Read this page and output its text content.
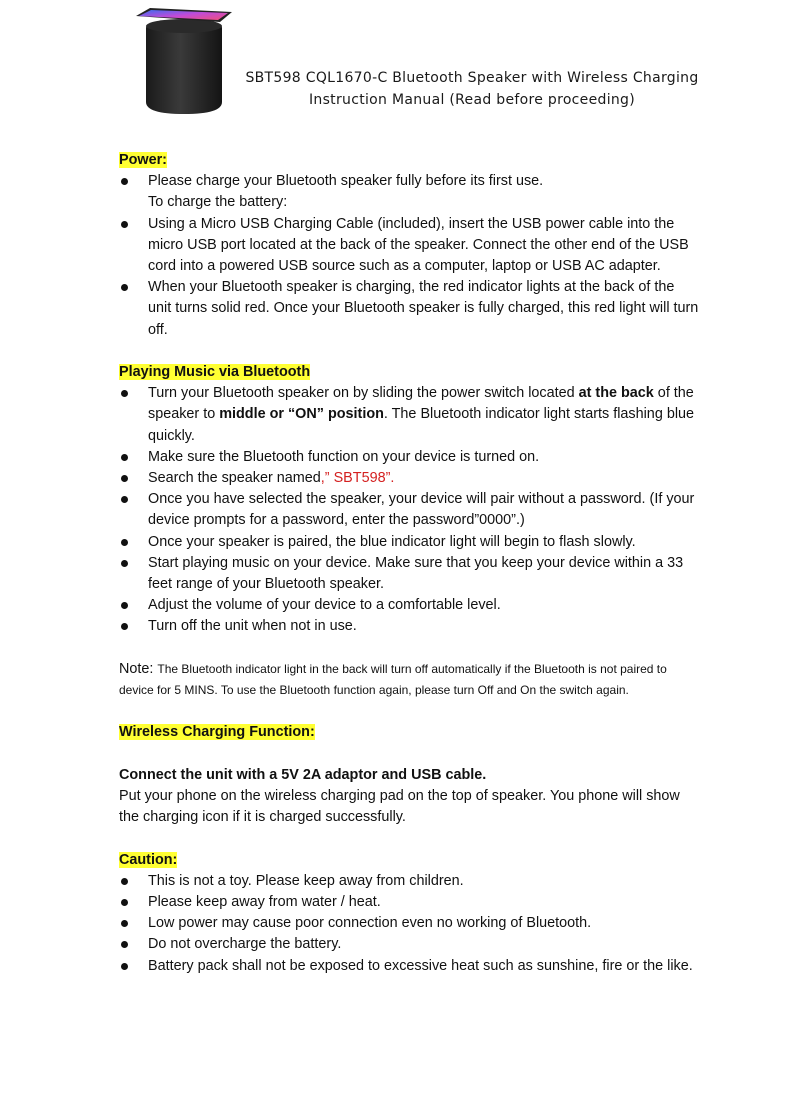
SBT598 CQL1670-C Bluetooth Speaker with Wireless Charging
Instruction Manual (Read before proceeding)

Power:

Please charge your Bluetooth speaker fully before its first use.
To charge the battery:
Using a Micro USB Charging Cable (included), insert the USB power cable into the micro USB port located at the back of the speaker. Connect the other end of the USB cord into a powered USB source such as a computer, laptop or USB AC adapter.
When your Bluetooth speaker is charging, the red indicator lights at the back of the unit turns solid red. Once your Bluetooth speaker is fully charged, this red light will turn off.

Playing Music via Bluetooth

Turn your Bluetooth speaker on by sliding the power switch located at the back of the speaker to middle or “ON” position. The Bluetooth indicator light starts flashing blue quickly.
Make sure the Bluetooth function on your device is turned on.
Search the speaker named,” SBT598”.
Once you have selected the speaker, your device will pair without a password. (If your device prompts for a password, enter the password”0000”.)
Once your speaker is paired, the blue indicator light will begin to flash slowly.
Start playing music on your device. Make sure that you keep your device within a 33 feet range of your Bluetooth speaker.
Adjust the volume of your device to a comfortable level.
Turn off the unit when not in use.

Note: The Bluetooth indicator light in the back will turn off automatically if the Bluetooth is not paired to device for 5 MINS. To use the Bluetooth function again, please turn Off and On the switch again.

Wireless Charging Function:

Connect the unit with a 5V 2A adaptor and USB cable.

Put your phone on the wireless charging pad on the top of speaker. You phone will show the charging icon if it is charged successfully.

Caution:

This is not a toy. Please keep away from children.
Please keep away from water / heat.
Low power may cause poor connection even no working of Bluetooth.
Do not overcharge the battery.
Battery pack shall not be exposed to excessive heat such as sunshine, fire or the like.
